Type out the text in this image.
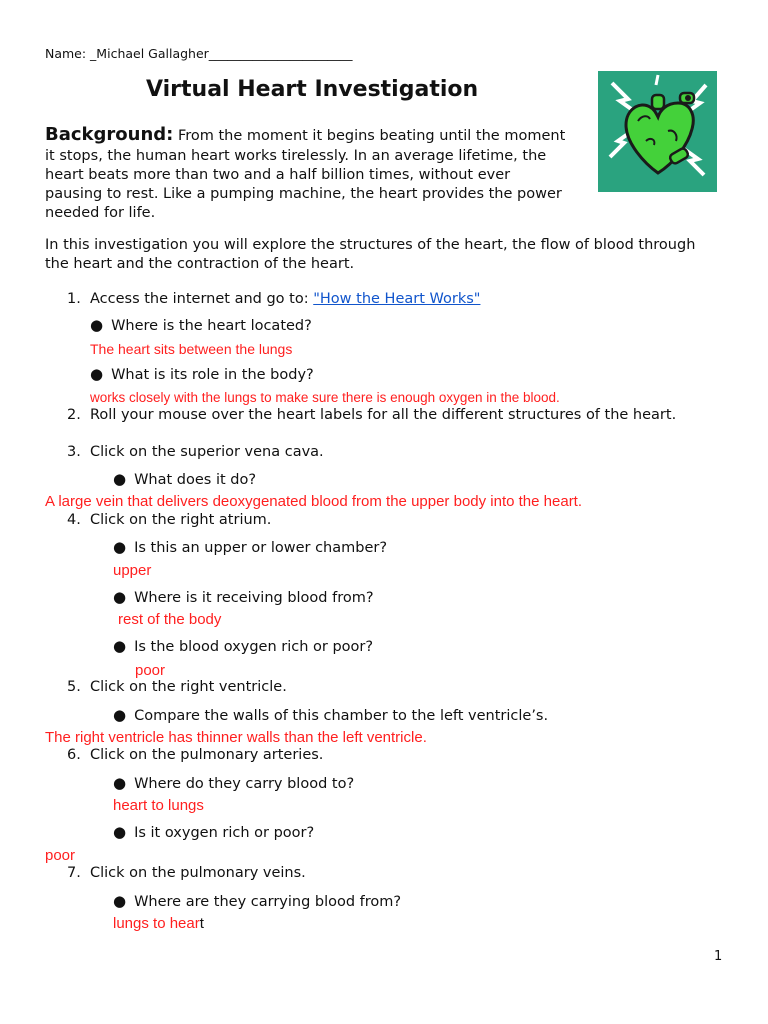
Name: _Michael Gallagher_______________________
Virtual Heart Investigation
Background: From the moment it begins beating until the moment
it stops, the human heart works tirelessly. In an average lifetime, the
heart beats more than two and a half billion times, without ever
pausing to rest. Like a pumping machine, the heart provides the power
needed for life.
In this investigation you will explore the structures of the heart, the flow of blood through
the heart and the contraction of the heart.
1. Access the internet and go to: "How the Heart Works"
● Where is the heart located?
The heart sits between the lungs
● What is its role in the body?
works closely with the lungs to make sure there is enough oxygen in the blood.
2. Roll your mouse over the heart labels for all the different structures of the heart.
3. Click on the superior vena cava.
● What does it do?
A large vein that delivers deoxygenated blood from the upper body into the heart.
4. Click on the right atrium.
● Is this an upper or lower chamber?
upper
● Where is it receiving blood from?
rest of the body
● Is the blood oxygen rich or poor?
poor
5. Click on the right ventricle.
● Compare the walls of this chamber to the left ventricle’s.
The right ventricle has thinner walls than the left ventricle.
6. Click on the pulmonary arteries.
● Where do they carry blood to?
heart to lungs
● Is it oxygen rich or poor?
poor
7. Click on the pulmonary veins.
● Where are they carrying blood from?
lungs to heart
1
